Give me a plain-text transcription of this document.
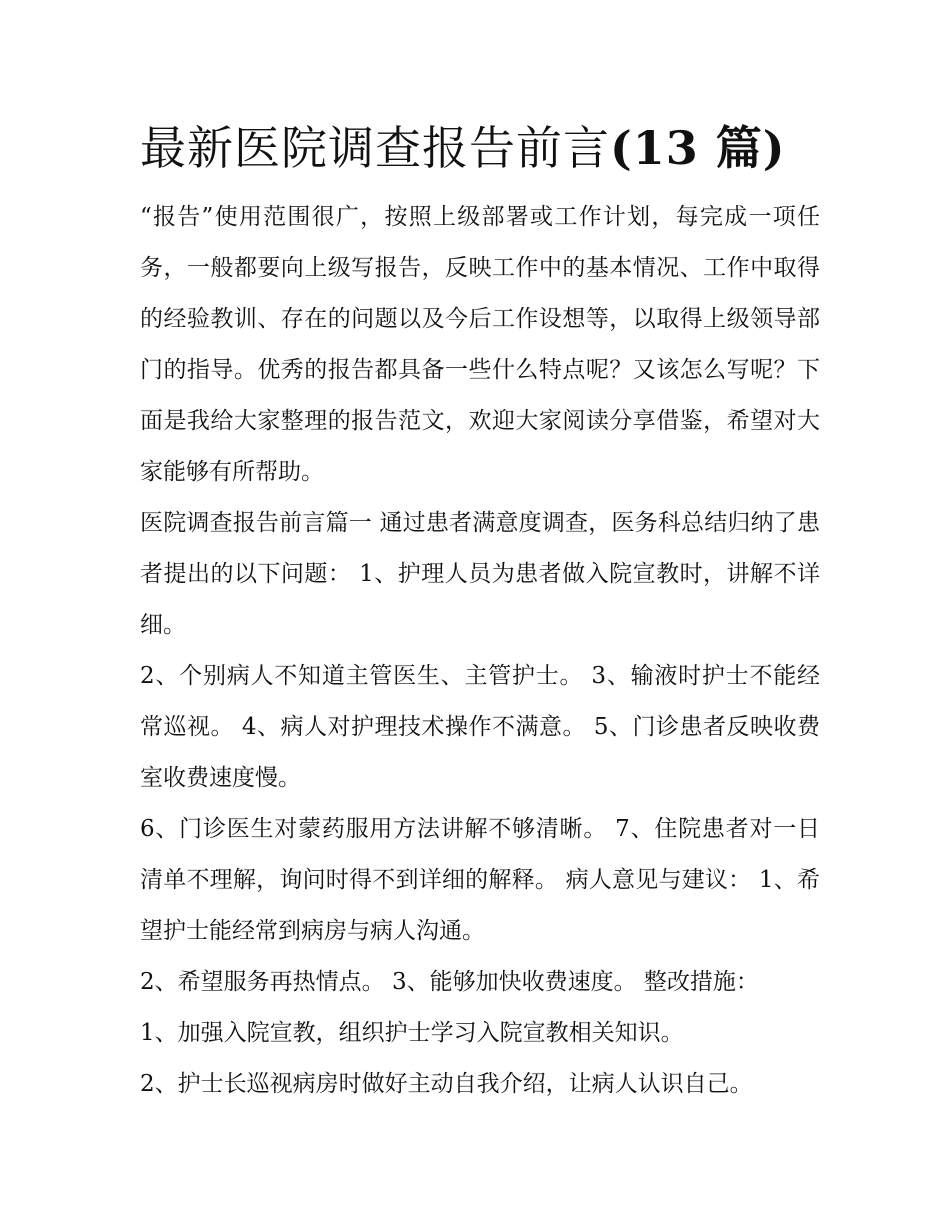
最新医院调查报告前言(13 篇)

“报告”使用范围很广，按照上级部署或工作计划，每完成一项任务，一般都要向上级写报告，反映工作中的基本情况、工作中取得的经验教训、存在的问题以及今后工作设想等，以取得上级领导部门的指导。优秀的报告都具备一些什么特点呢？又该怎么写呢？下面是我给大家整理的报告范文，欢迎大家阅读分享借鉴，希望对大家能够有所帮助。

医院调查报告前言篇一 通过患者满意度调查，医务科总结归纳了患者提出的以下问题： 1、护理人员为患者做入院宣教时，讲解不详细。

2、个别病人不知道主管医生、主管护士。 3、输液时护士不能经常巡视。 4、病人对护理技术操作不满意。 5、门诊患者反映收费室收费速度慢。

6、门诊医生对蒙药服用方法讲解不够清晰。 7、住院患者对一日清单不理解，询问时得不到详细的解释。 病人意见与建议： 1、希望护士能经常到病房与病人沟通。

2、希望服务再热情点。 3、能够加快收费速度。 整改措施：

1、加强入院宣教，组织护士学习入院宣教相关知识。

2、护士长巡视病房时做好主动自我介绍，让病人认识自己。
